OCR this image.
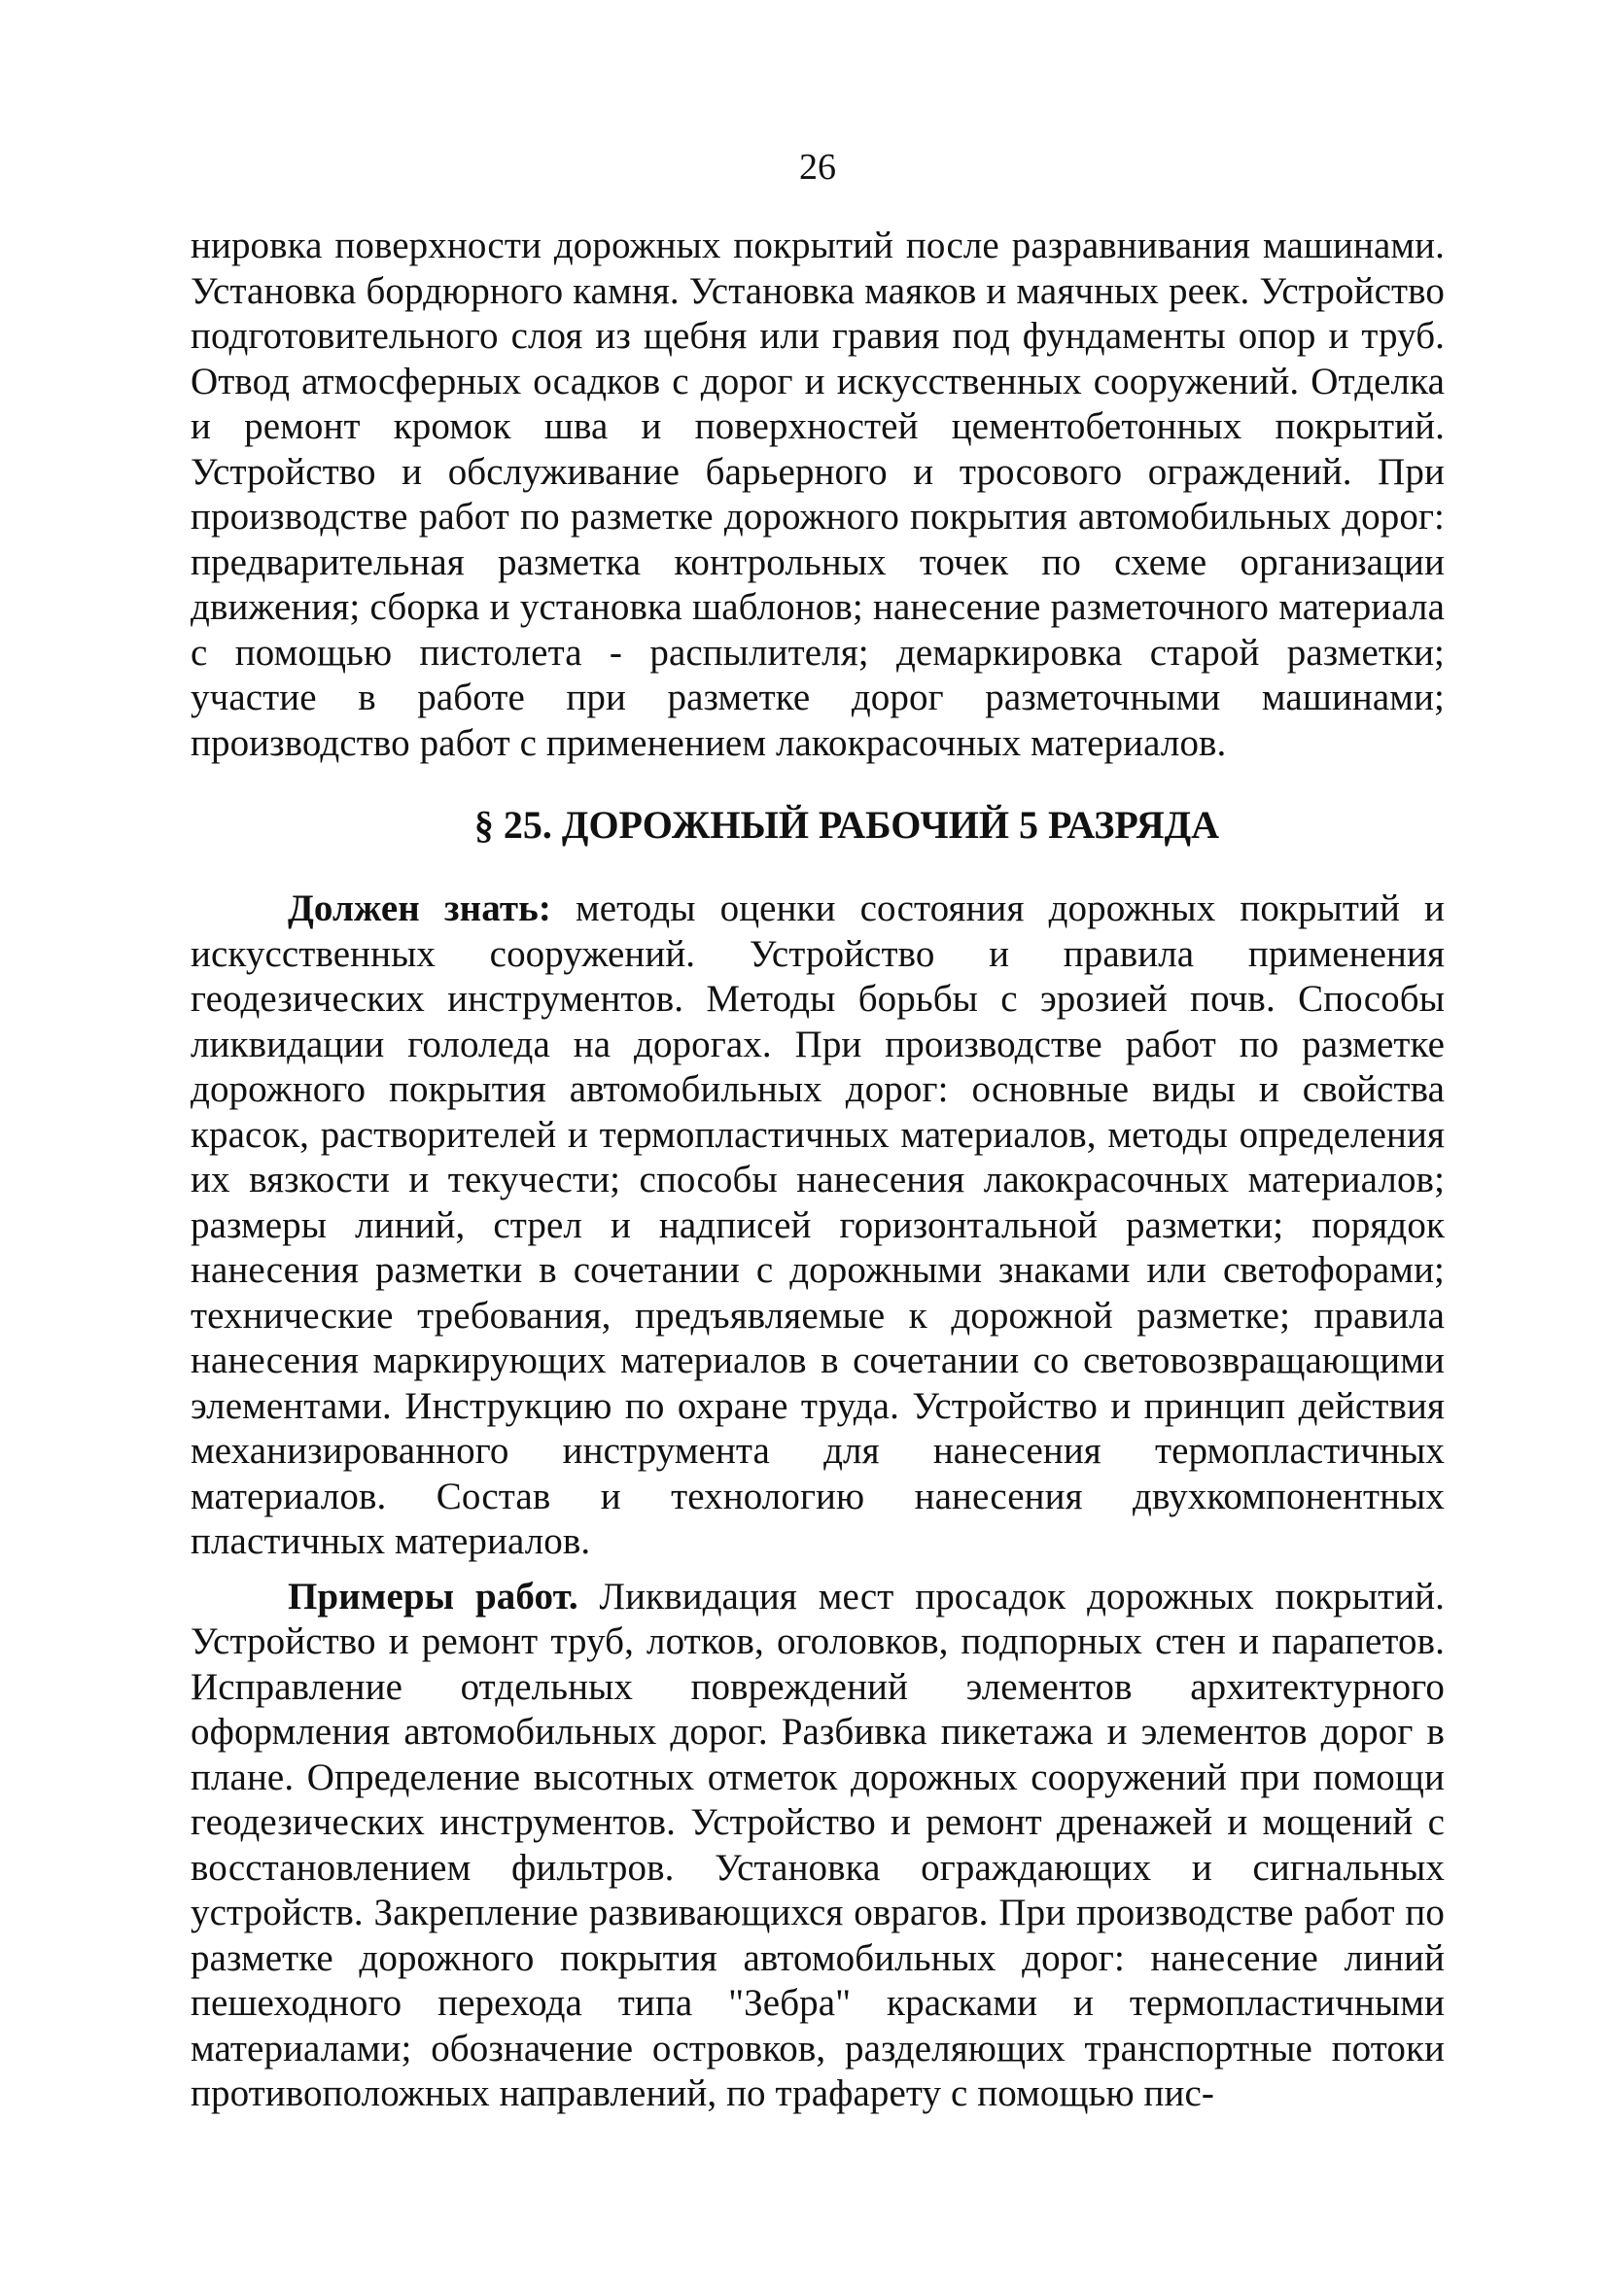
26

нировка поверхности дорожных покрытий после разравнивания машинами. Установка бордюрного камня. Установка маяков и маячных реек. Устройство подготовительного слоя из щебня или гравия под фундаменты опор и труб. Отвод атмосферных осадков с дорог и искусственных сооружений. Отделка и ремонт кромок шва и поверхностей цементобетонных покрытий. Устройство и обслуживание барьерного и тросового ограждений. При производстве работ по разметке дорожного покрытия автомобильных дорог: предварительная разметка контрольных точек по схеме организации движения; сборка и установка шаблонов; нанесение разметочного материала с помощью пистолета - распылителя; демаркировка старой разметки; участие в работе при разметке дорог разметочными машинами; производство работ с применением лакокрасочных материалов.

§ 25. ДОРОЖНЫЙ РАБОЧИЙ 5 РАЗРЯДА

Должен знать: методы оценки состояния дорожных покрытий и искусственных сооружений. Устройство и правила применения геодезических инструментов. Методы борьбы с эрозией почв. Способы ликвидации гололеда на дорогах. При производстве работ по разметке дорожного покрытия автомобильных дорог: основные виды и свойства красок, растворителей и термопластичных материалов, методы определения их вязкости и текучести; способы нанесения лакокрасочных материалов; размеры линий, стрел и надписей горизонтальной разметки; порядок нанесения разметки в сочетании с дорожными знаками или светофорами; технические требования, предъявляемые к дорожной разметке; правила нанесения маркирующих материалов в сочетании со световозвращающими элементами. Инструкцию по охране труда. Устройство и принцип действия механизированного инструмента для нанесения термопластичных материалов. Состав и технологию нанесения двухкомпонентных пластичных материалов.

Примеры работ. Ликвидация мест просадок дорожных покрытий. Устройство и ремонт труб, лотков, оголовков, подпорных стен и парапетов. Исправление отдельных повреждений элементов архитектурного оформления автомобильных дорог. Разбивка пикетажа и элементов дорог в плане. Определение высотных отметок дорожных сооружений при помощи геодезических инструментов. Устройство и ремонт дренажей и мощений с восстановлением фильтров. Установка ограждающих и сигнальных устройств. Закрепление развивающихся оврагов. При производстве работ по разметке дорожного покрытия автомобильных дорог: нанесение линий пешеходного перехода типа "Зебра" красками и термопластичными материалами; обозначение островков, разделяющих транспортные потоки противоположных направлений, по трафарету с помощью пис-
